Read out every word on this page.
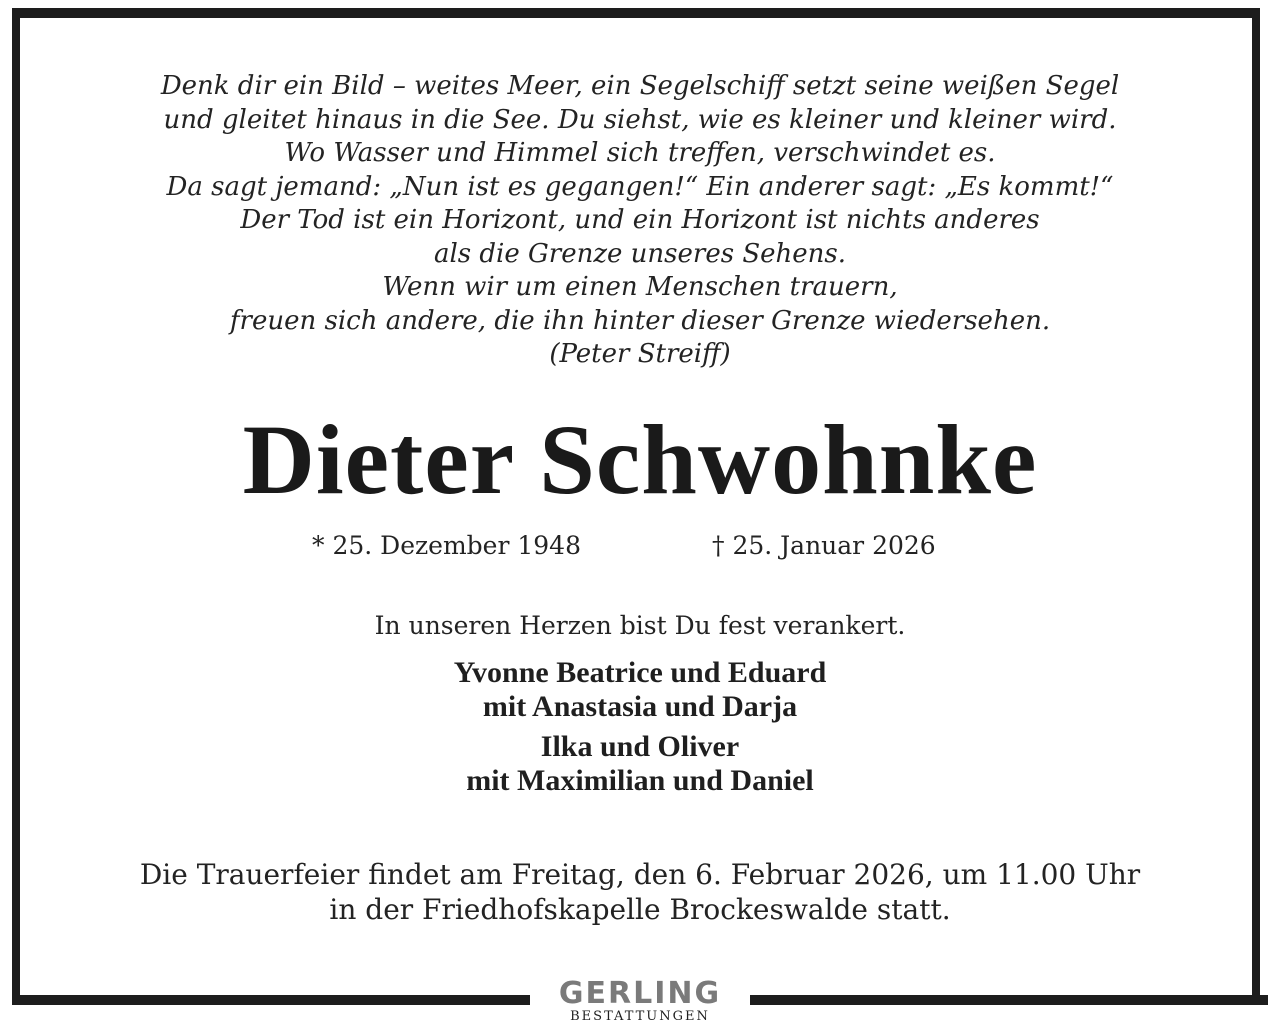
Denk dir ein Bild – weites Meer, ein Segelschiff setzt seine weißen Segel
und gleitet hinaus in die See. Du siehst, wie es kleiner und kleiner wird.
Wo Wasser und Himmel sich treffen, verschwindet es.
Da sagt jemand: „Nun ist es gegangen!“ Ein anderer sagt: „Es kommt!“
Der Tod ist ein Horizont, und ein Horizont ist nichts anderes
als die Grenze unseres Sehens.
Wenn wir um einen Menschen trauern,
freuen sich andere, die ihn hinter dieser Grenze wiedersehen.
(Peter Streiff)
Dieter Schwohnke
* 25. Dezember 1948	† 25. Januar 2026
In unseren Herzen bist Du fest verankert.
Yvonne Beatrice und Eduard
mit Anastasia und Darja
Ilka und Oliver
mit Maximilian und Daniel
Die Trauerfeier findet am Freitag, den 6. Februar 2026, um 11.00 Uhr
in der Friedhofskapelle Brockeswalde statt.
GERLING
BESTATTUNGEN
